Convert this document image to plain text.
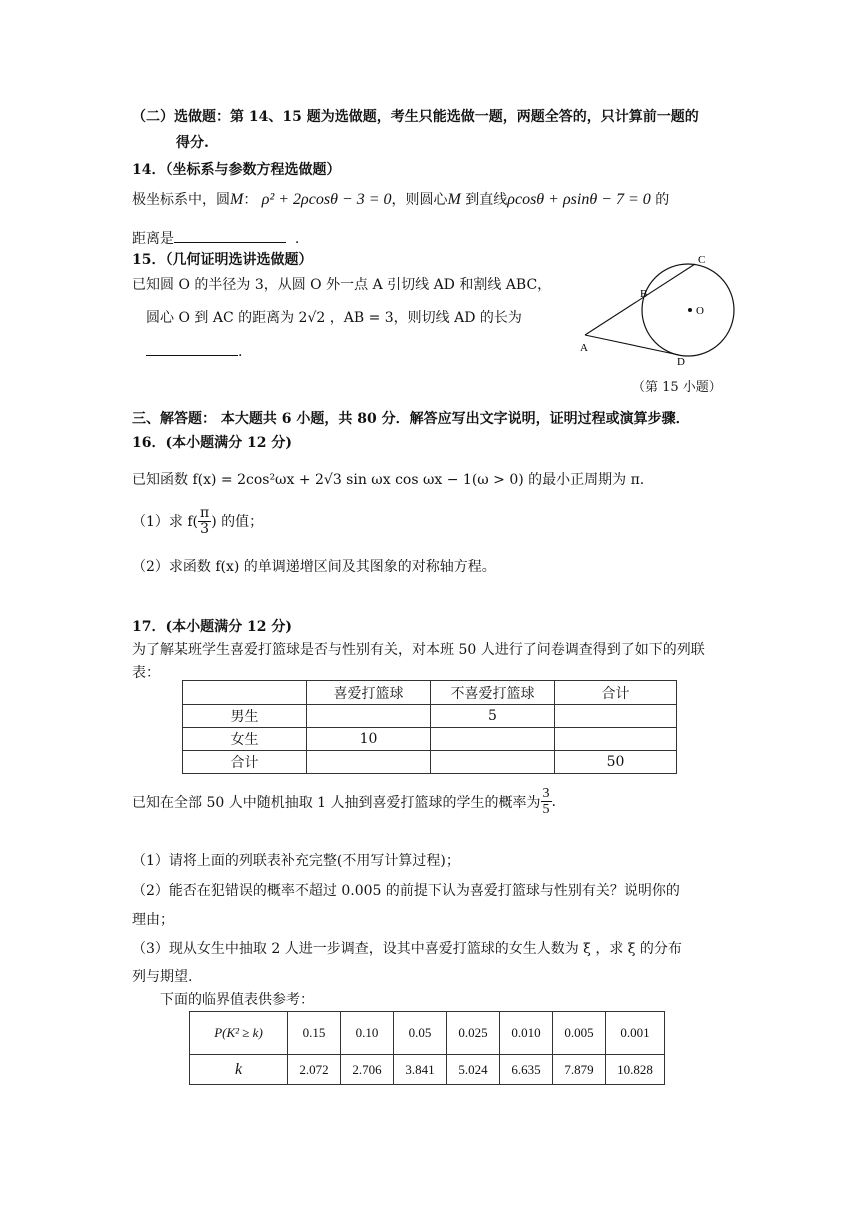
（二）选做题：第 14、15 题为选做题，考生只能选做一题，两题全答的，只计算前一题的
得分.
14．（坐标系与参数方程选做题）
极坐标系中，圆M： ρ² + 2ρcosθ − 3 = 0，则圆心M 到直线ρcosθ + ρsinθ − 7 = 0 的
距离是	.
15．（几何证明选讲选做题）
已知圆 O 的半径为 3，从圆 O 外一点 A 引切线 AD 和割线 ABC，
圆心 O 到 AC 的距离为 2√2 ，AB = 3，则切线 AD 的长为
.	A
B
C
D
O
（第 15 小题）
三、解答题： 本大题共 6 小题，共 80 分．解答应写出文字说明，证明过程或演算步骤．
16．(本小题满分 12 分)
已知函数 f(x) = 2cos²ωx + 2√3 sin ωx cos ωx − 1(ω > 0) 的最小正周期为 π.
（1）求 $f( \frac{\pi}{3}$ ) 的值；
（2）求函数 f(x) 的单调递增区间及其图象的对称轴方程。
17．(本小题满分 12 分)
为了解某班学生喜爱打篮球是否与性别有关，对本班 50 人进行了问卷调查得到了如下的列联
表：
	喜爱打篮球	不喜爱打篮球	合计
男生		5	
女生	10		
合计			50
已知在全部 50 人中随机抽取 1 人抽到喜爱打篮球的学生的概率为 $\frac{3}{5}$ .
（1）请将上面的列联表补充完整(不用写计算过程)；
（2）能否在犯错误的概率不超过 0.005 的前提下认为喜爱打篮球与性别有关？说明你的
理由；
（3）现从女生中抽取 2 人进一步调查，设其中喜爱打篮球的女生人数为 ξ ，求 ξ 的分布
列与期望.
下面的临界值表供参考：
P(K² ≥ k)	0.15	0.10	0.05	0.025	0.010	0.005	0.001
k	2.072	2.706	3.841	5.024	6.635	7.879	10.828
